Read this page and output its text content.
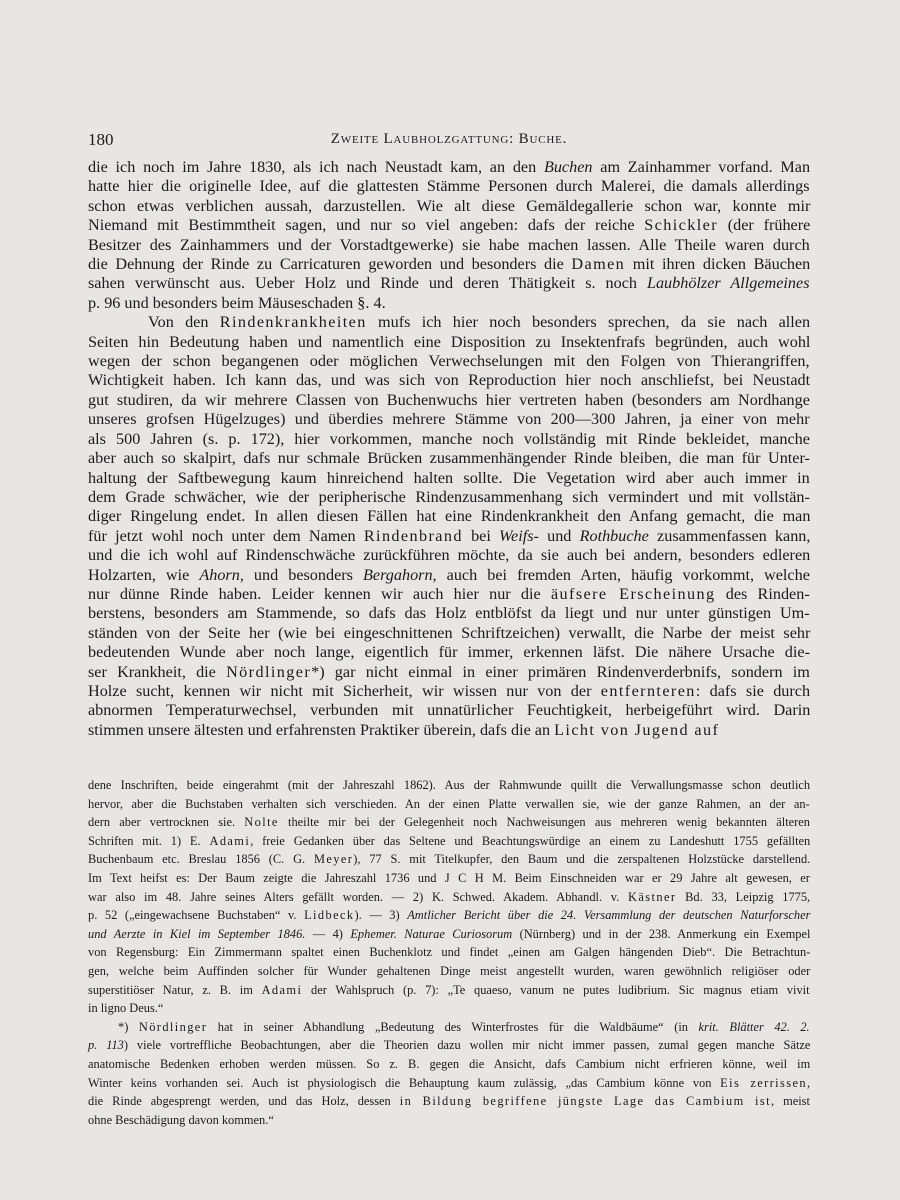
180	Zweite Laubholzgattung: Buche.

die ich noch im Jahre 1830, als ich nach Neustadt kam, an den Buchen am Zainhammer vorfand. Man

hatte hier die originelle Idee, auf die glattesten Stämme Personen durch Malerei, die damals allerdings

schon etwas verblichen aussah, darzustellen. Wie alt diese Gemäldegallerie schon war, konnte mir

Niemand mit Bestimmtheit sagen, und nur so viel angeben: dafs der reiche Schickler (der frühere

Besitzer des Zainhammers und der Vorstadtgewerke) sie habe machen lassen. Alle Theile waren durch

die Dehnung der Rinde zu Carricaturen geworden und besonders die Damen mit ihren dicken Bäuchen

sahen verwünscht aus. Ueber Holz und Rinde und deren Thätigkeit s. noch Laubhölzer Allgemeines

p. 96 und besonders beim Mäuseschaden §. 4.

Von den Rindenkrankheiten mufs ich hier noch besonders sprechen, da sie nach allen

Seiten hin Bedeutung haben und namentlich eine Disposition zu Insektenfrafs begründen, auch wohl

wegen der schon begangenen oder möglichen Verwechselungen mit den Folgen von Thierangriffen,

Wichtigkeit haben. Ich kann das, und was sich von Reproduction hier noch anschliefst, bei Neustadt

gut studiren, da wir mehrere Classen von Buchenwuchs hier vertreten haben (besonders am Nordhange

unseres grofsen Hügelzuges) und überdies mehrere Stämme von 200—300 Jahren, ja einer von mehr

als 500 Jahren (s. p. 172), hier vorkommen, manche noch vollständig mit Rinde bekleidet, manche

aber auch so skalpirt, dafs nur schmale Brücken zusammenhängender Rinde bleiben, die man für Unter-

haltung der Saftbewegung kaum hinreichend halten sollte. Die Vegetation wird aber auch immer in

dem Grade schwächer, wie der peripherische Rindenzusammenhang sich vermindert und mit vollstän-

diger Ringelung endet. In allen diesen Fällen hat eine Rindenkrankheit den Anfang gemacht, die man

für jetzt wohl noch unter dem Namen Rindenbrand bei Weifs- und Rothbuche zusammenfassen kann,

und die ich wohl auf Rindenschwäche zurückführen möchte, da sie auch bei andern, besonders edleren

Holzarten, wie Ahorn, und besonders Bergahorn, auch bei fremden Arten, häufig vorkommt, welche

nur dünne Rinde haben. Leider kennen wir auch hier nur die äufsere Erscheinung des Rinden-

berstens, besonders am Stammende, so dafs das Holz entblöfst da liegt und nur unter günstigen Um-

ständen von der Seite her (wie bei eingeschnittenen Schriftzeichen) verwallt, die Narbe der meist sehr

bedeutenden Wunde aber noch lange, eigentlich für immer, erkennen läfst. Die nähere Ursache die-

ser Krankheit, die Nördlinger*) gar nicht einmal in einer primären Rindenverderbnifs, sondern im

Holze sucht, kennen wir nicht mit Sicherheit, wir wissen nur von der entfernteren: dafs sie durch

abnormen Temperaturwechsel, verbunden mit unnatürlicher Feuchtigkeit, herbeigeführt wird. Darin

stimmen unsere ältesten und erfahrensten Praktiker überein, dafs die an Licht von Jugend auf

dene Inschriften, beide eingerahmt (mit der Jahreszahl 1862). Aus der Rahmwunde quillt die Verwallungsmasse schon deutlich

hervor, aber die Buchstaben verhalten sich verschieden. An der einen Platte verwallen sie, wie der ganze Rahmen, an der an-

dern aber vertrocknen sie. Nolte theilte mir bei der Gelegenheit noch Nachweisungen aus mehreren wenig bekannten älteren

Schriften mit. 1) E. Adami, freie Gedanken über das Seltene und Beachtungswürdige an einem zu Landeshutt 1755 gefällten

Buchenbaum etc. Breslau 1856 (C. G. Meyer), 77 S. mit Titelkupfer, den Baum und die zerspaltenen Holzstücke darstellend.

Im Text heifst es: Der Baum zeigte die Jahreszahl 1736 und J C H M. Beim Einschneiden war er 29 Jahre alt gewesen, er

war also im 48. Jahre seines Alters gefällt worden. — 2) K. Schwed. Akadem. Abhandl. v. Kästner Bd. 33, Leipzig 1775,

p. 52 („eingewachsene Buchstaben“ v. Lidbeck). — 3) Amtlicher Bericht über die 24. Versammlung der deutschen Naturforscher

und Aerzte in Kiel im September 1846. — 4) Ephemer. Naturae Curiosorum (Nürnberg) und in der 238. Anmerkung ein Exempel

von Regensburg: Ein Zimmermann spaltet einen Buchenklotz und findet „einen am Galgen hängenden Dieb“. Die Betrachtun-

gen, welche beim Auffinden solcher für Wunder gehaltenen Dinge meist angestellt wurden, waren gewöhnlich religiöser oder

superstitiöser Natur, z. B. im Adami der Wahlspruch (p. 7): „Te quaeso, vanum ne putes ludibrium. Sic magnus etiam vivit

in ligno Deus.“

*) Nördlinger hat in seiner Abhandlung „Bedeutung des Winterfrostes für die Waldbäume“ (in krit. Blätter 42. 2.

p. 113) viele vortreffliche Beobachtungen, aber die Theorien dazu wollen mir nicht immer passen, zumal gegen manche Sätze

anatomische Bedenken erhoben werden müssen. So z. B. gegen die Ansicht, dafs Cambium nicht erfrieren könne, weil im

Winter keins vorhanden sei. Auch ist physiologisch die Behauptung kaum zulässig, „das Cambium könne von Eis zerrissen,

die Rinde abgesprengt werden, und das Holz, dessen in Bildung begriffene jüngste Lage das Cambium ist, meist

ohne Beschädigung davon kommen.“
